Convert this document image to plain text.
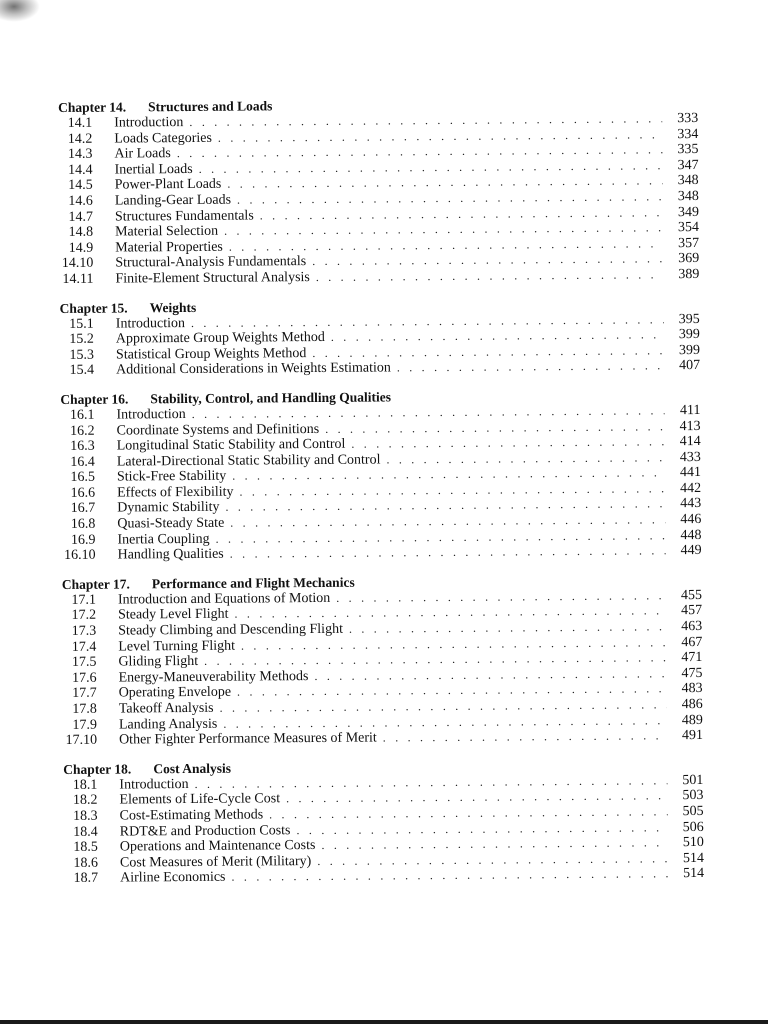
Chapter 14. Structures and Loads
14.1	Introduction . . .	333
14.2	Loads Categories . . .	334
14.3	Air Loads . . .	335
14.4	Inertial Loads . . .	347
14.5	Power-Plant Loads . . .	348
14.6	Landing-Gear Loads . . .	348
14.7	Structures Fundamentals . . .	349
14.8	Material Selection . . .	354
14.9	Material Properties . . .	357
14.10	Structural-Analysis Fundamentals . . .	369
14.11	Finite-Element Structural Analysis . . .	389
Chapter 15. Weights
15.1	Introduction . . .	395
15.2	Approximate Group Weights Method . . .	399
15.3	Statistical Group Weights Method . . .	399
15.4	Additional Considerations in Weights Estimation . . .	407
Chapter 16. Stability, Control, and Handling Qualities
16.1	Introduction . . .	411
16.2	Coordinate Systems and Definitions . . .	413
16.3	Longitudinal Static Stability and Control . . .	414
16.4	Lateral-Directional Static Stability and Control . . .	433
16.5	Stick-Free Stability . . .	441
16.6	Effects of Flexibility . . .	442
16.7	Dynamic Stability . . .	443
16.8	Quasi-Steady State . . .	446
16.9	Inertia Coupling . . .	448
16.10	Handling Qualities . . .	449
Chapter 17. Performance and Flight Mechanics
17.1	Introduction and Equations of Motion . . .	455
17.2	Steady Level Flight . . .	457
17.3	Steady Climbing and Descending Flight . . .	463
17.4	Level Turning Flight . . .	467
17.5	Gliding Flight . . .	471
17.6	Energy-Maneuverability Methods . . .	475
17.7	Operating Envelope . . .	483
17.8	Takeoff Analysis . . .	486
17.9	Landing Analysis . . .	489
17.10	Other Fighter Performance Measures of Merit . . .	491
Chapter 18. Cost Analysis
18.1	Introduction . . .	501
18.2	Elements of Life-Cycle Cost . . .	503
18.3	Cost-Estimating Methods . . .	505
18.4	RDT&E and Production Costs . . .	506
18.5	Operations and Maintenance Costs . . .	510
18.6	Cost Measures of Merit (Military) . . .	514
18.7	Airline Economics . . .	514
